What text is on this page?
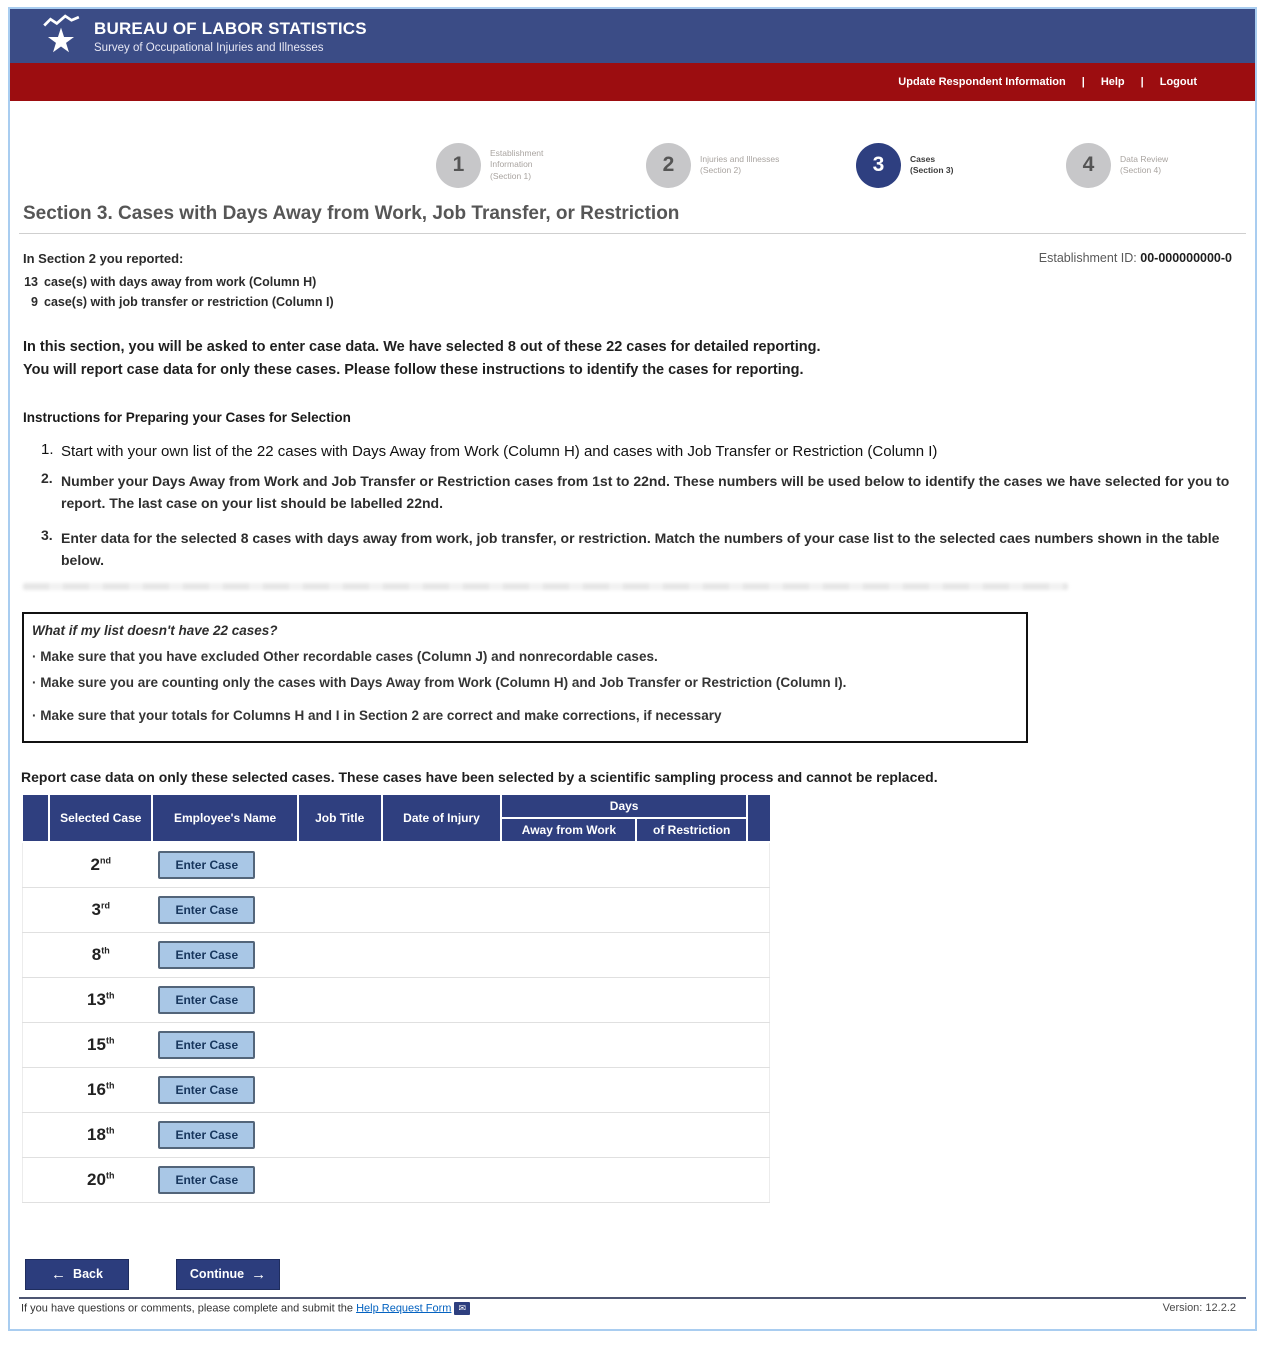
BUREAU OF LABOR STATISTICS
Survey of Occupational Injuries and Illnesses
Update Respondent Information | Help | Logout
1	Establishment Information
(Section 1)	2	Injuries and Illnesses
(Section 2)	3	Cases
(Section 3)	4	Data Review
(Section 4)
Section 3. Cases with Days Away from Work, Job Transfer, or Restriction
In Section 2 you reported:	Establishment ID: 00-000000000-0
13 case(s) with days away from work (Column H)
9 case(s) with job transfer or restriction (Column I)
In this section, you will be asked to enter case data. We have selected 8 out of these 22 cases for detailed reporting.
You will report case data for only these cases. Please follow these instructions to identify the cases for reporting.
Instructions for Preparing your Cases for Selection
1. Start with your own list of the 22 cases with Days Away from Work (Column H) and cases with Job Transfer or Restriction (Column I)
2. Number your Days Away from Work and Job Transfer or Restriction cases from 1st to 22nd. These numbers will be used below to identify the cases we have selected for you to report. The last case on your list should be labelled 22nd.
3. Enter data for the selected 8 cases with days away from work, job transfer, or restriction. Match the numbers of your case list to the selected caes numbers shown in the table below.
What if my list doesn't have 22 cases?
· Make sure that you have excluded Other recordable cases (Column J) and nonrecordable cases.
· Make sure you are counting only the cases with Days Away from Work (Column H) and Job Transfer or Restriction (Column I).
· Make sure that your totals for Columns H and I in Section 2 are correct and make corrections, if necessary
Report case data on only these selected cases. These cases have been selected by a scientific sampling process and cannot be replaced.
	Selected Case	Employee's Name	Job Title	Date of Injury	Days		
					Away from Work	of Restriction	
	2nd	Enter Case					
	3rd	Enter Case					
	8th	Enter Case					
	13th	Enter Case					
	15th	Enter Case					
	16th	Enter Case					
	18th	Enter Case					
	20th	Enter Case					
← Back	Continue →
If you have questions or comments, please complete and submit the Help Request Form ✉	Version: 12.2.2
